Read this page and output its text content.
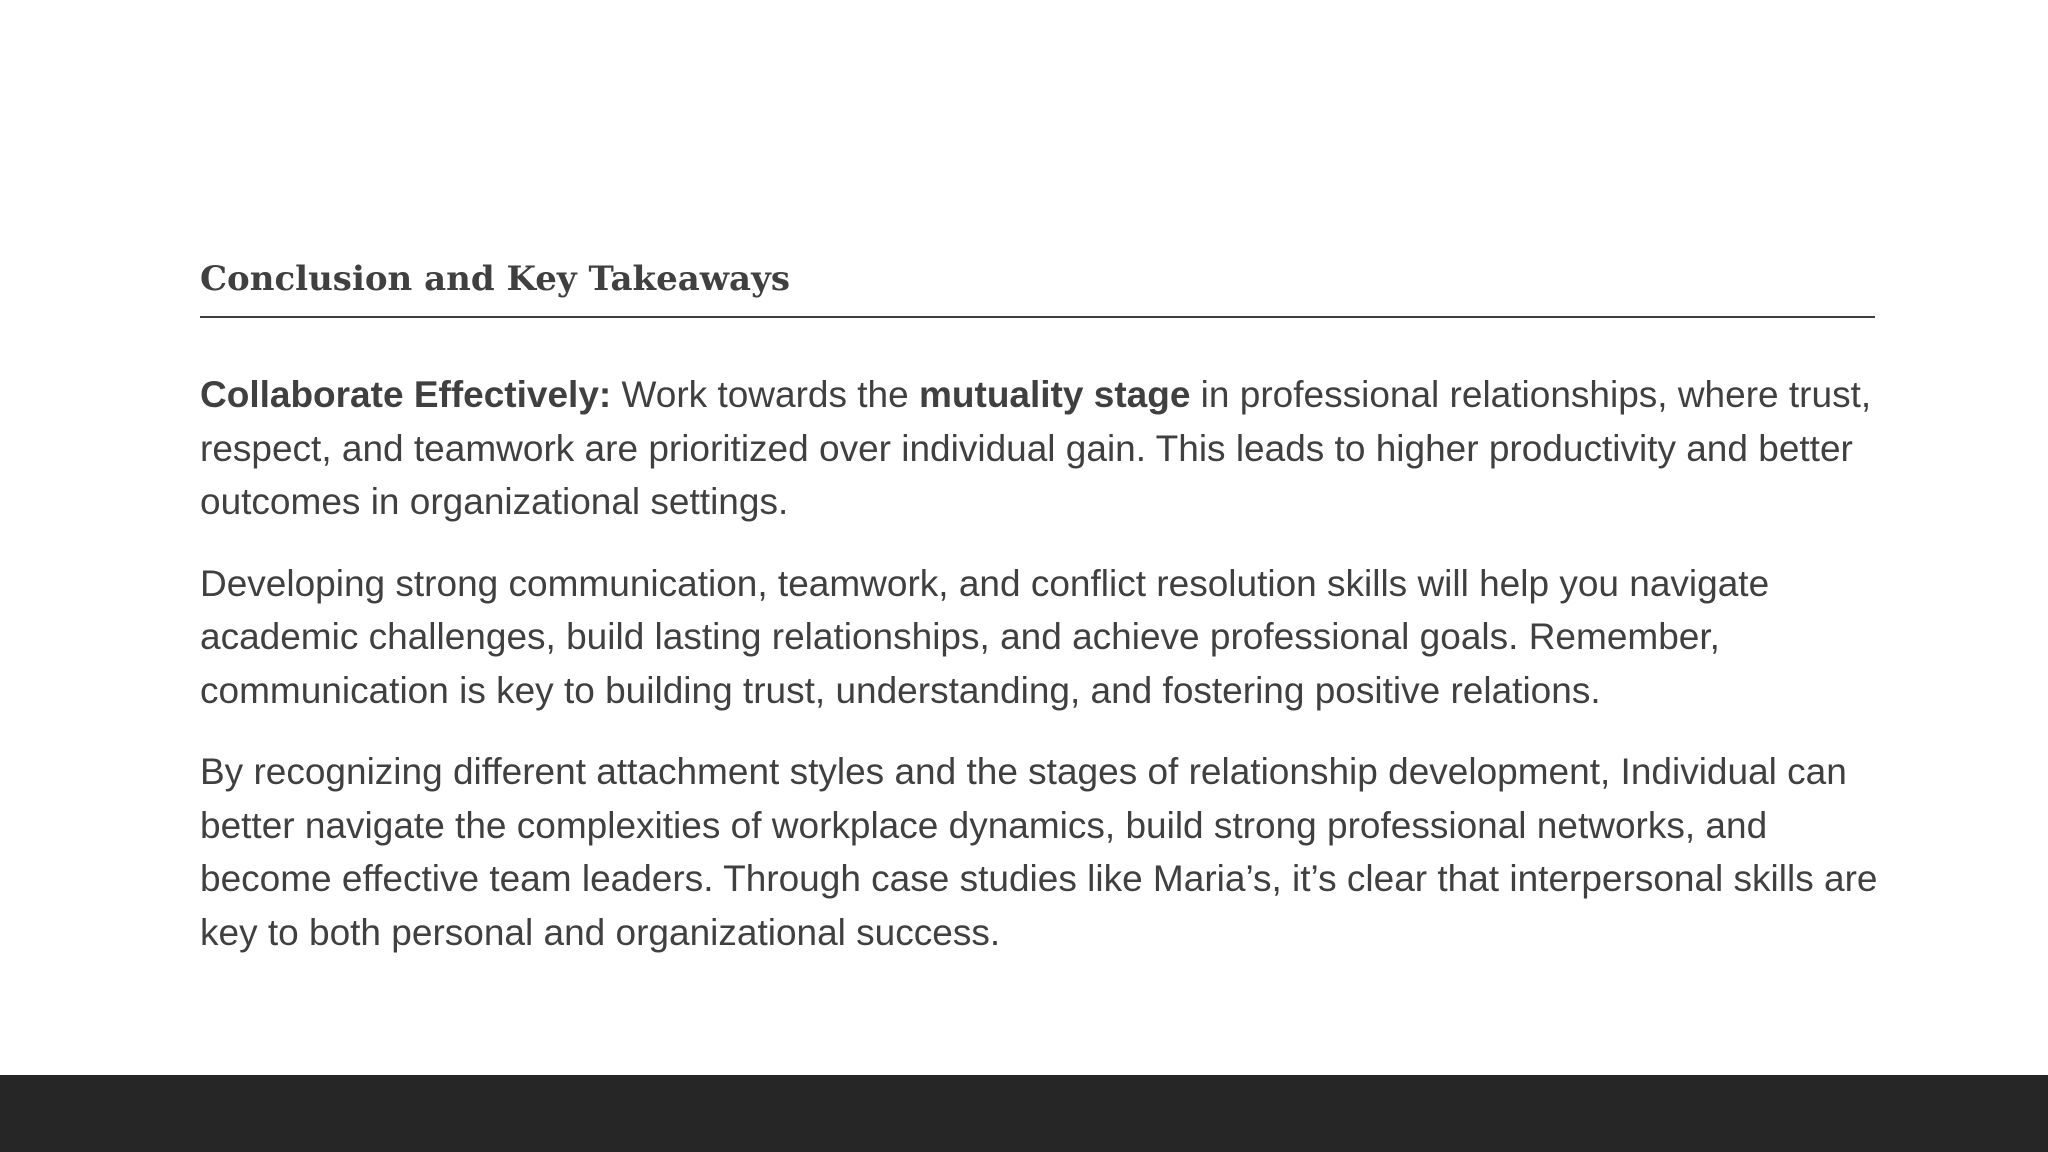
Conclusion and Key Takeaways

Collaborate Effectively: Work towards the mutuality stage in professional relationships, where trust, respect, and teamwork are prioritized over individual gain. This leads to higher productivity and better outcomes in organizational settings.

Developing strong communication, teamwork, and conflict resolution skills will help you navigate academic challenges, build lasting relationships, and achieve professional goals. Remember, communication is key to building trust, understanding, and fostering positive relations.

By recognizing different attachment styles and the stages of relationship development, Individual can better navigate the complexities of workplace dynamics, build strong professional networks, and become effective team leaders. Through case studies like Maria’s, it’s clear that interpersonal skills are key to both personal and organizational success.
